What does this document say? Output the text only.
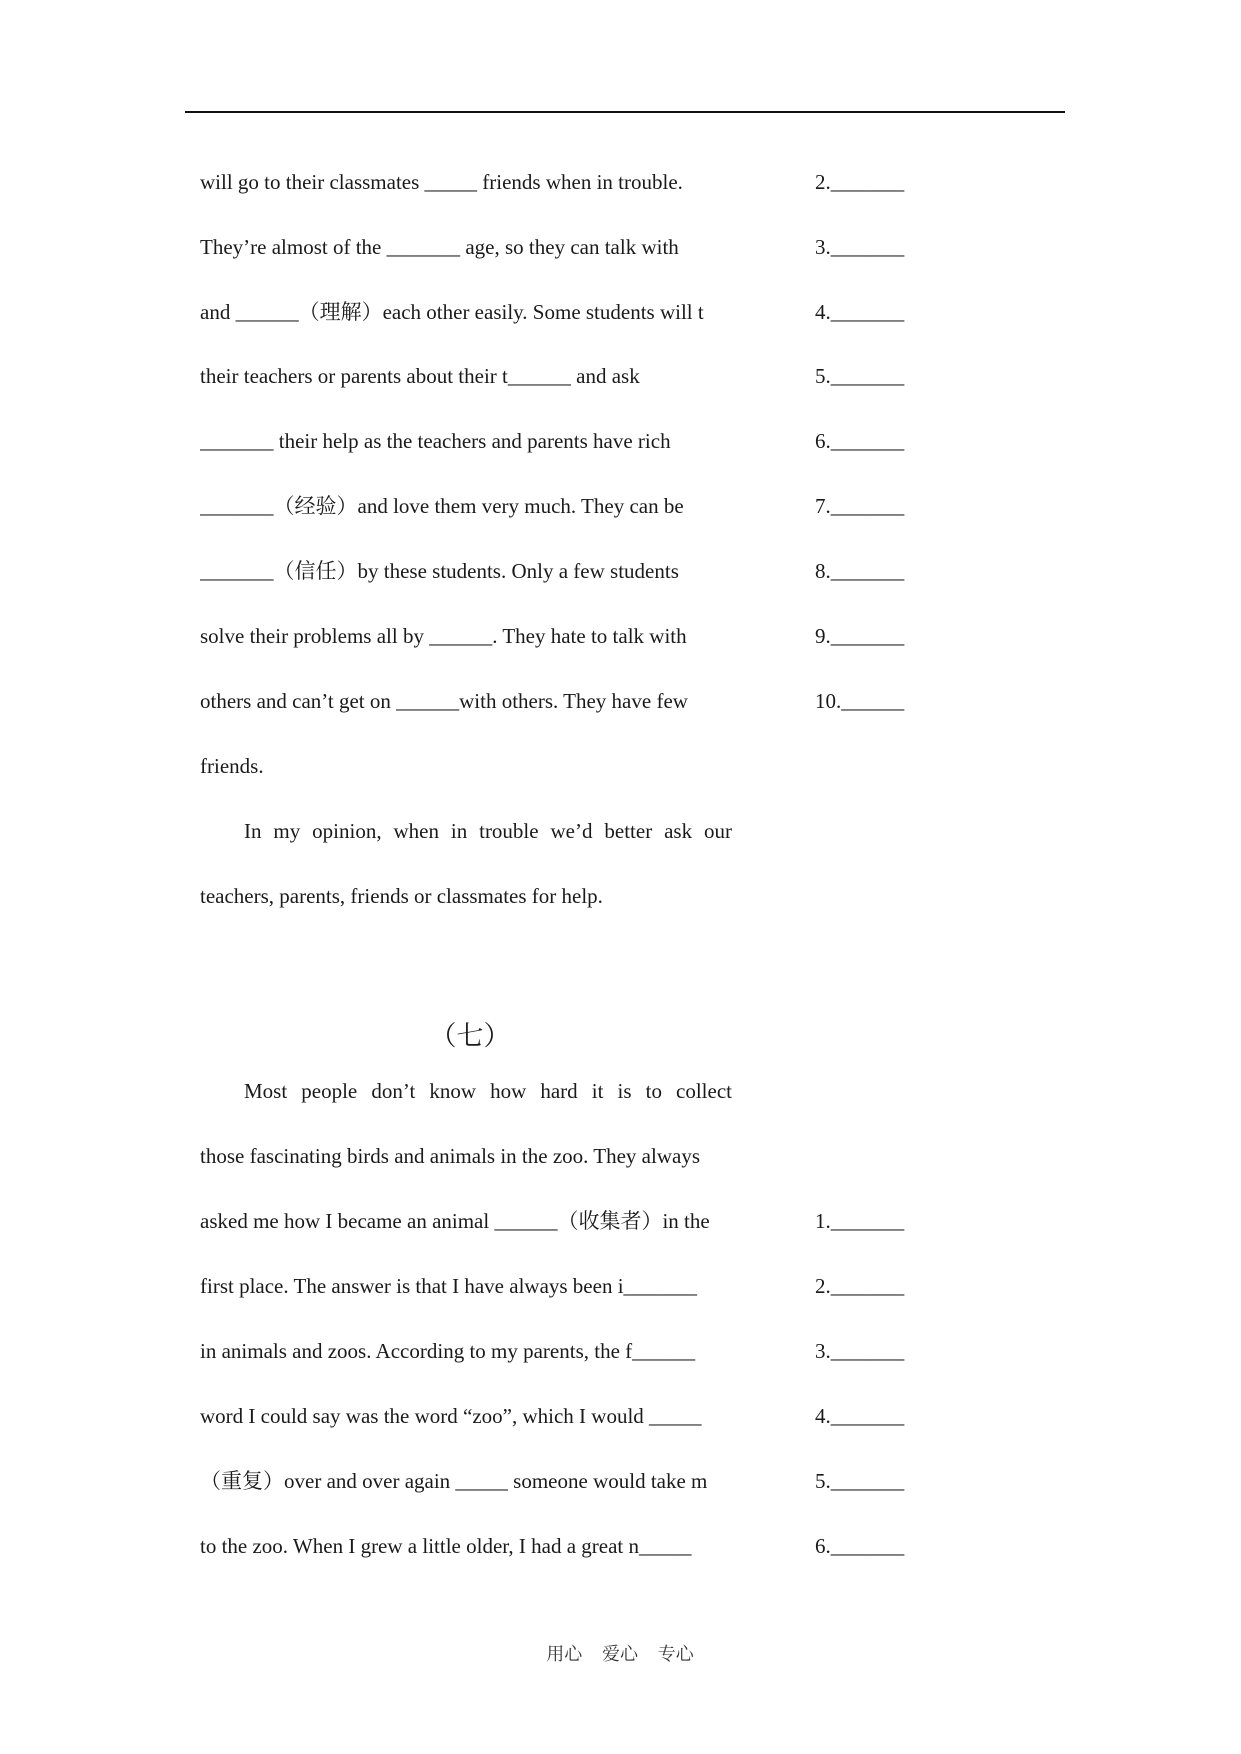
will go to their classmates _____ friends when in trouble.
They’re almost of the _______ age, so they can talk with
and ______（理解）each other easily. Some students will t
their teachers or parents about their t______ and ask
_______ their help as the teachers and parents have rich
_______（经验）and love them very much. They can be
_______（信任）by these students. Only a few students
solve their problems all by ______. They hate to talk with
others and can’t get on ______with others. They have few
friends.
In my opinion, when in trouble we’d better ask our
teachers, parents, friends or classmates for help.
2._______
3._______
4._______
5._______
6._______
7._______
8._______
9._______
10.______
（七）
Most people don’t know how hard it is to collect
those fascinating birds and animals in the zoo. They always
asked me how I became an animal ______（收集者）in the
first place. The answer is that I have always been i_______
in animals and zoos. According to my parents, the f______
word I could say was the word “zoo”, which I would _____
（重复）over and over again _____ someone would take m
to the zoo. When I grew a little older, I had a great n_____
1._______
2._______
3._______
4._______
5._______
6._______
用心 爱心 专心
